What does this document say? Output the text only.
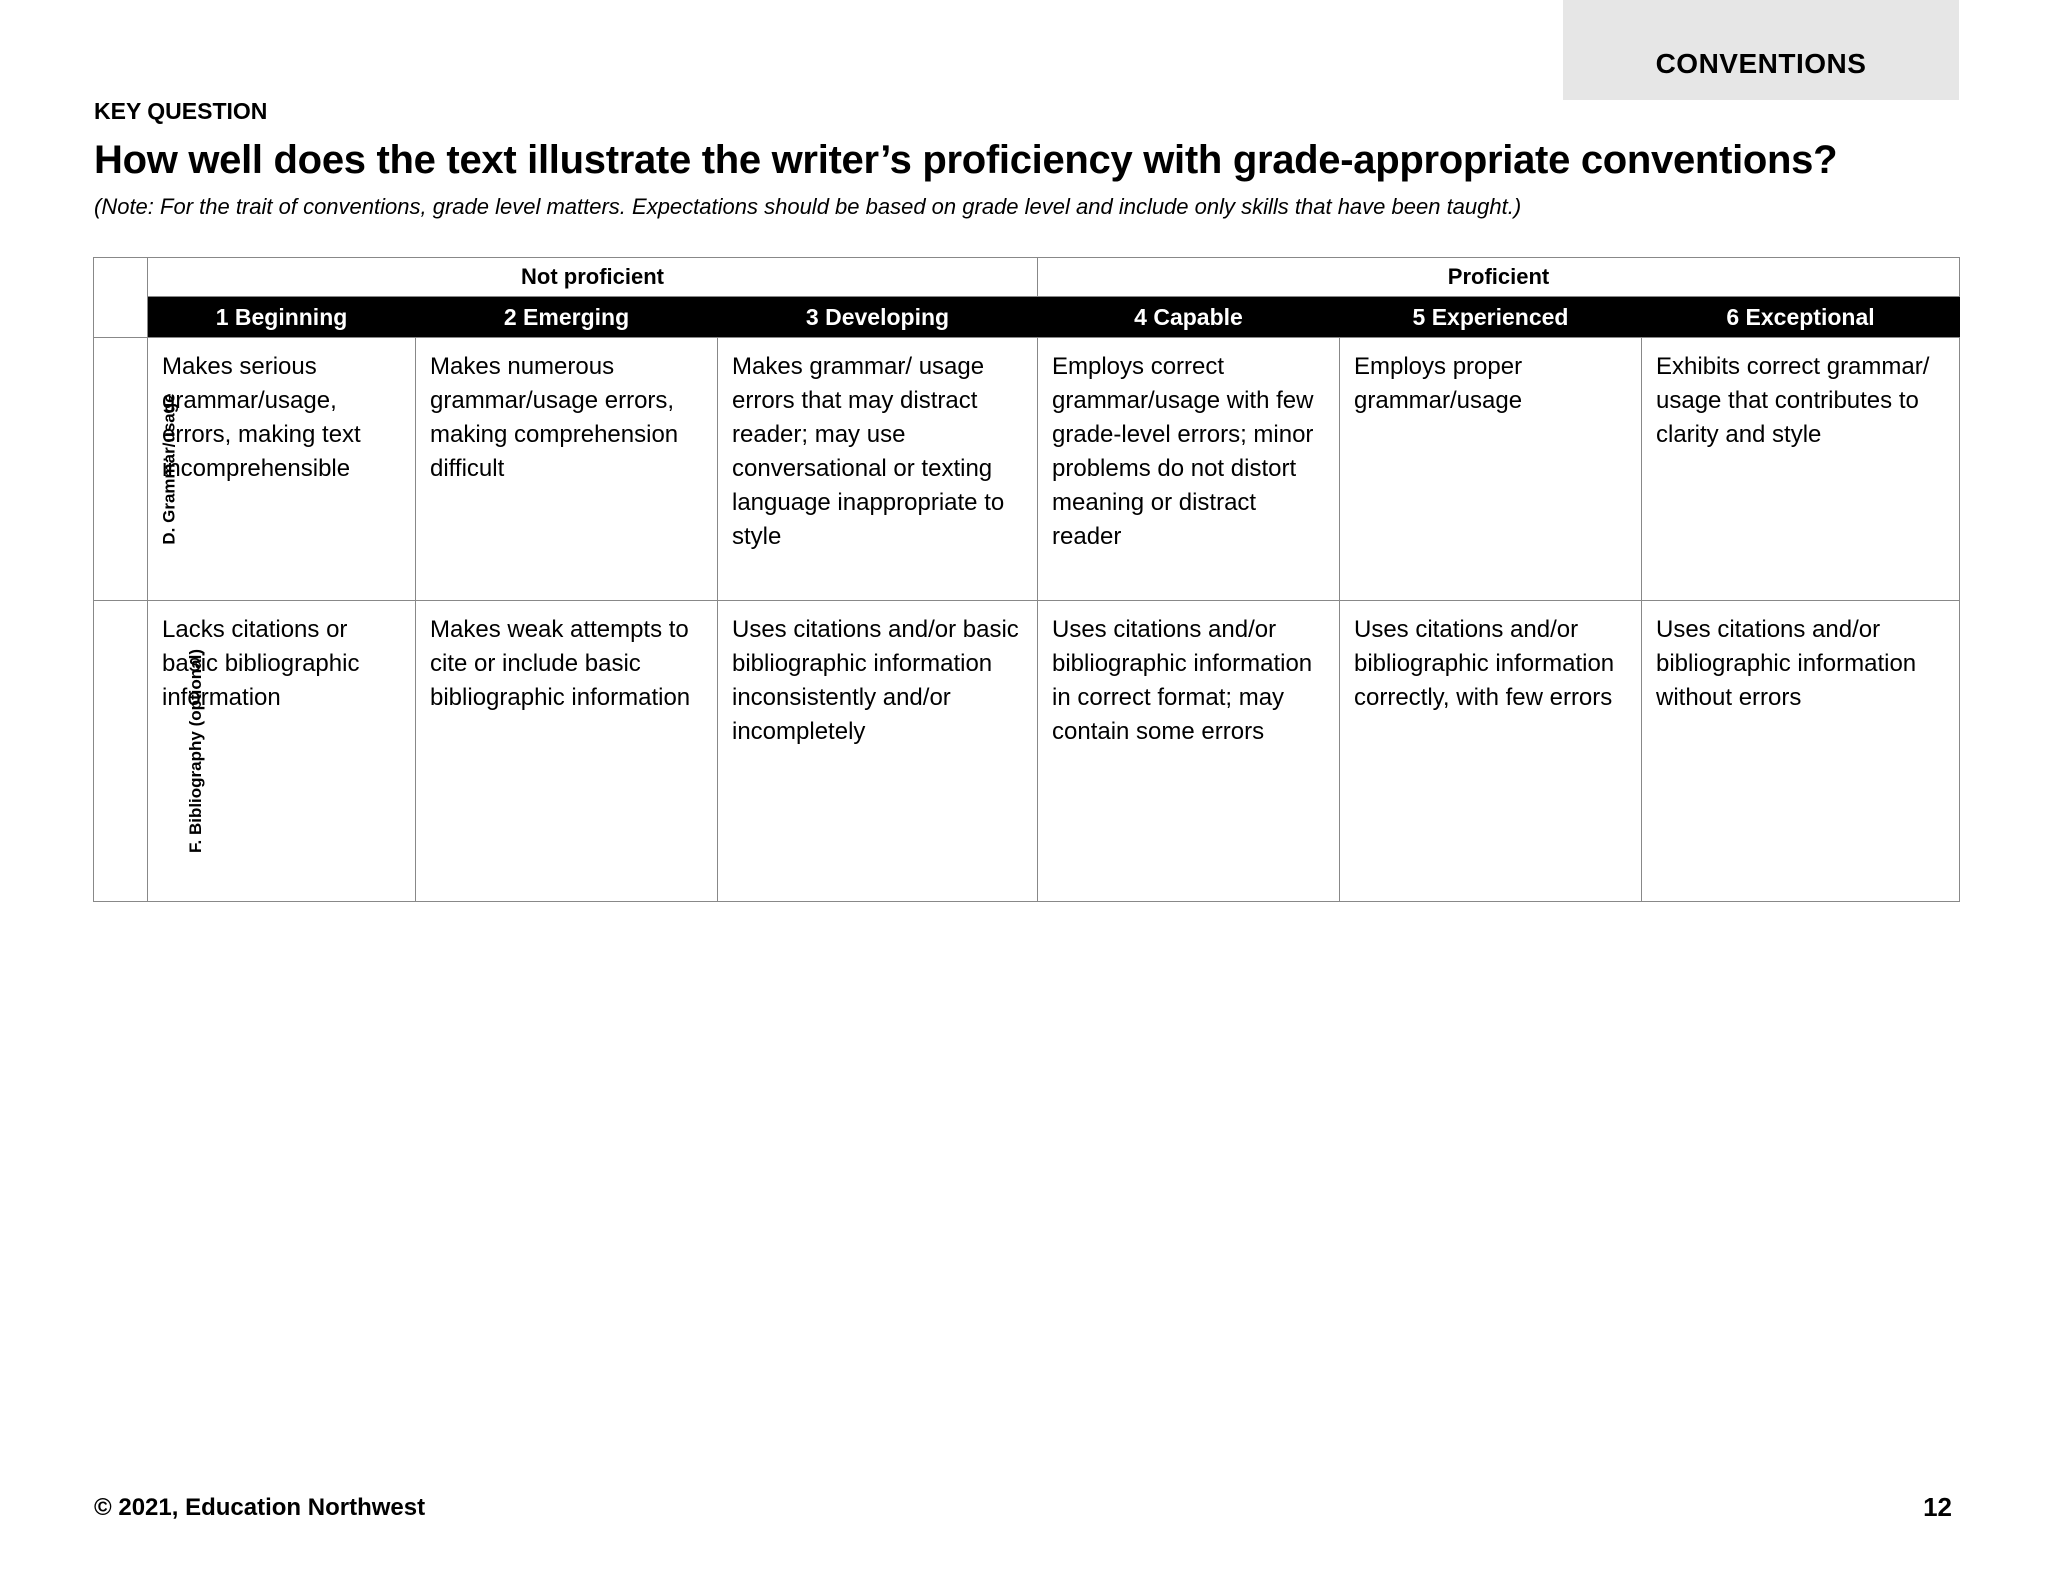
CONVENTIONS
KEY QUESTION
How well does the text illustrate the writer’s proficiency with grade-appropriate conventions?
(Note: For the trait of conventions, grade level matters. Expectations should be based on grade level and include only skills that have been taught.)
	Not proficient			Proficient		
	1 Beginning	2 Emerging	3 Developing	4 Capable	5 Experienced	6 Exceptional
D. Grammar/usage	Makes serious grammar/usage, errors, making text incomprehensible	Makes numerous grammar/usage errors, making comprehension difficult	Makes grammar/ usage errors that may distract reader; may use conversational or texting language inappropriate to style	Employs correct grammar/usage with few grade-level errors; minor problems do not distort meaning or distract reader	Employs proper grammar/usage	Exhibits correct grammar/ usage that contributes to clarity and style
F. Bibliography (optional)	Lacks citations or basic bibliographic information	Makes weak attempts to cite or include basic bibliographic information	Uses citations and/or basic bibliographic information inconsistently and/or incompletely	Uses citations and/or bibliographic information in correct format; may contain some errors	Uses citations and/or bibliographic information correctly, with few errors	Uses citations and/or bibliographic information without errors
© 2021, Education Northwest	12
